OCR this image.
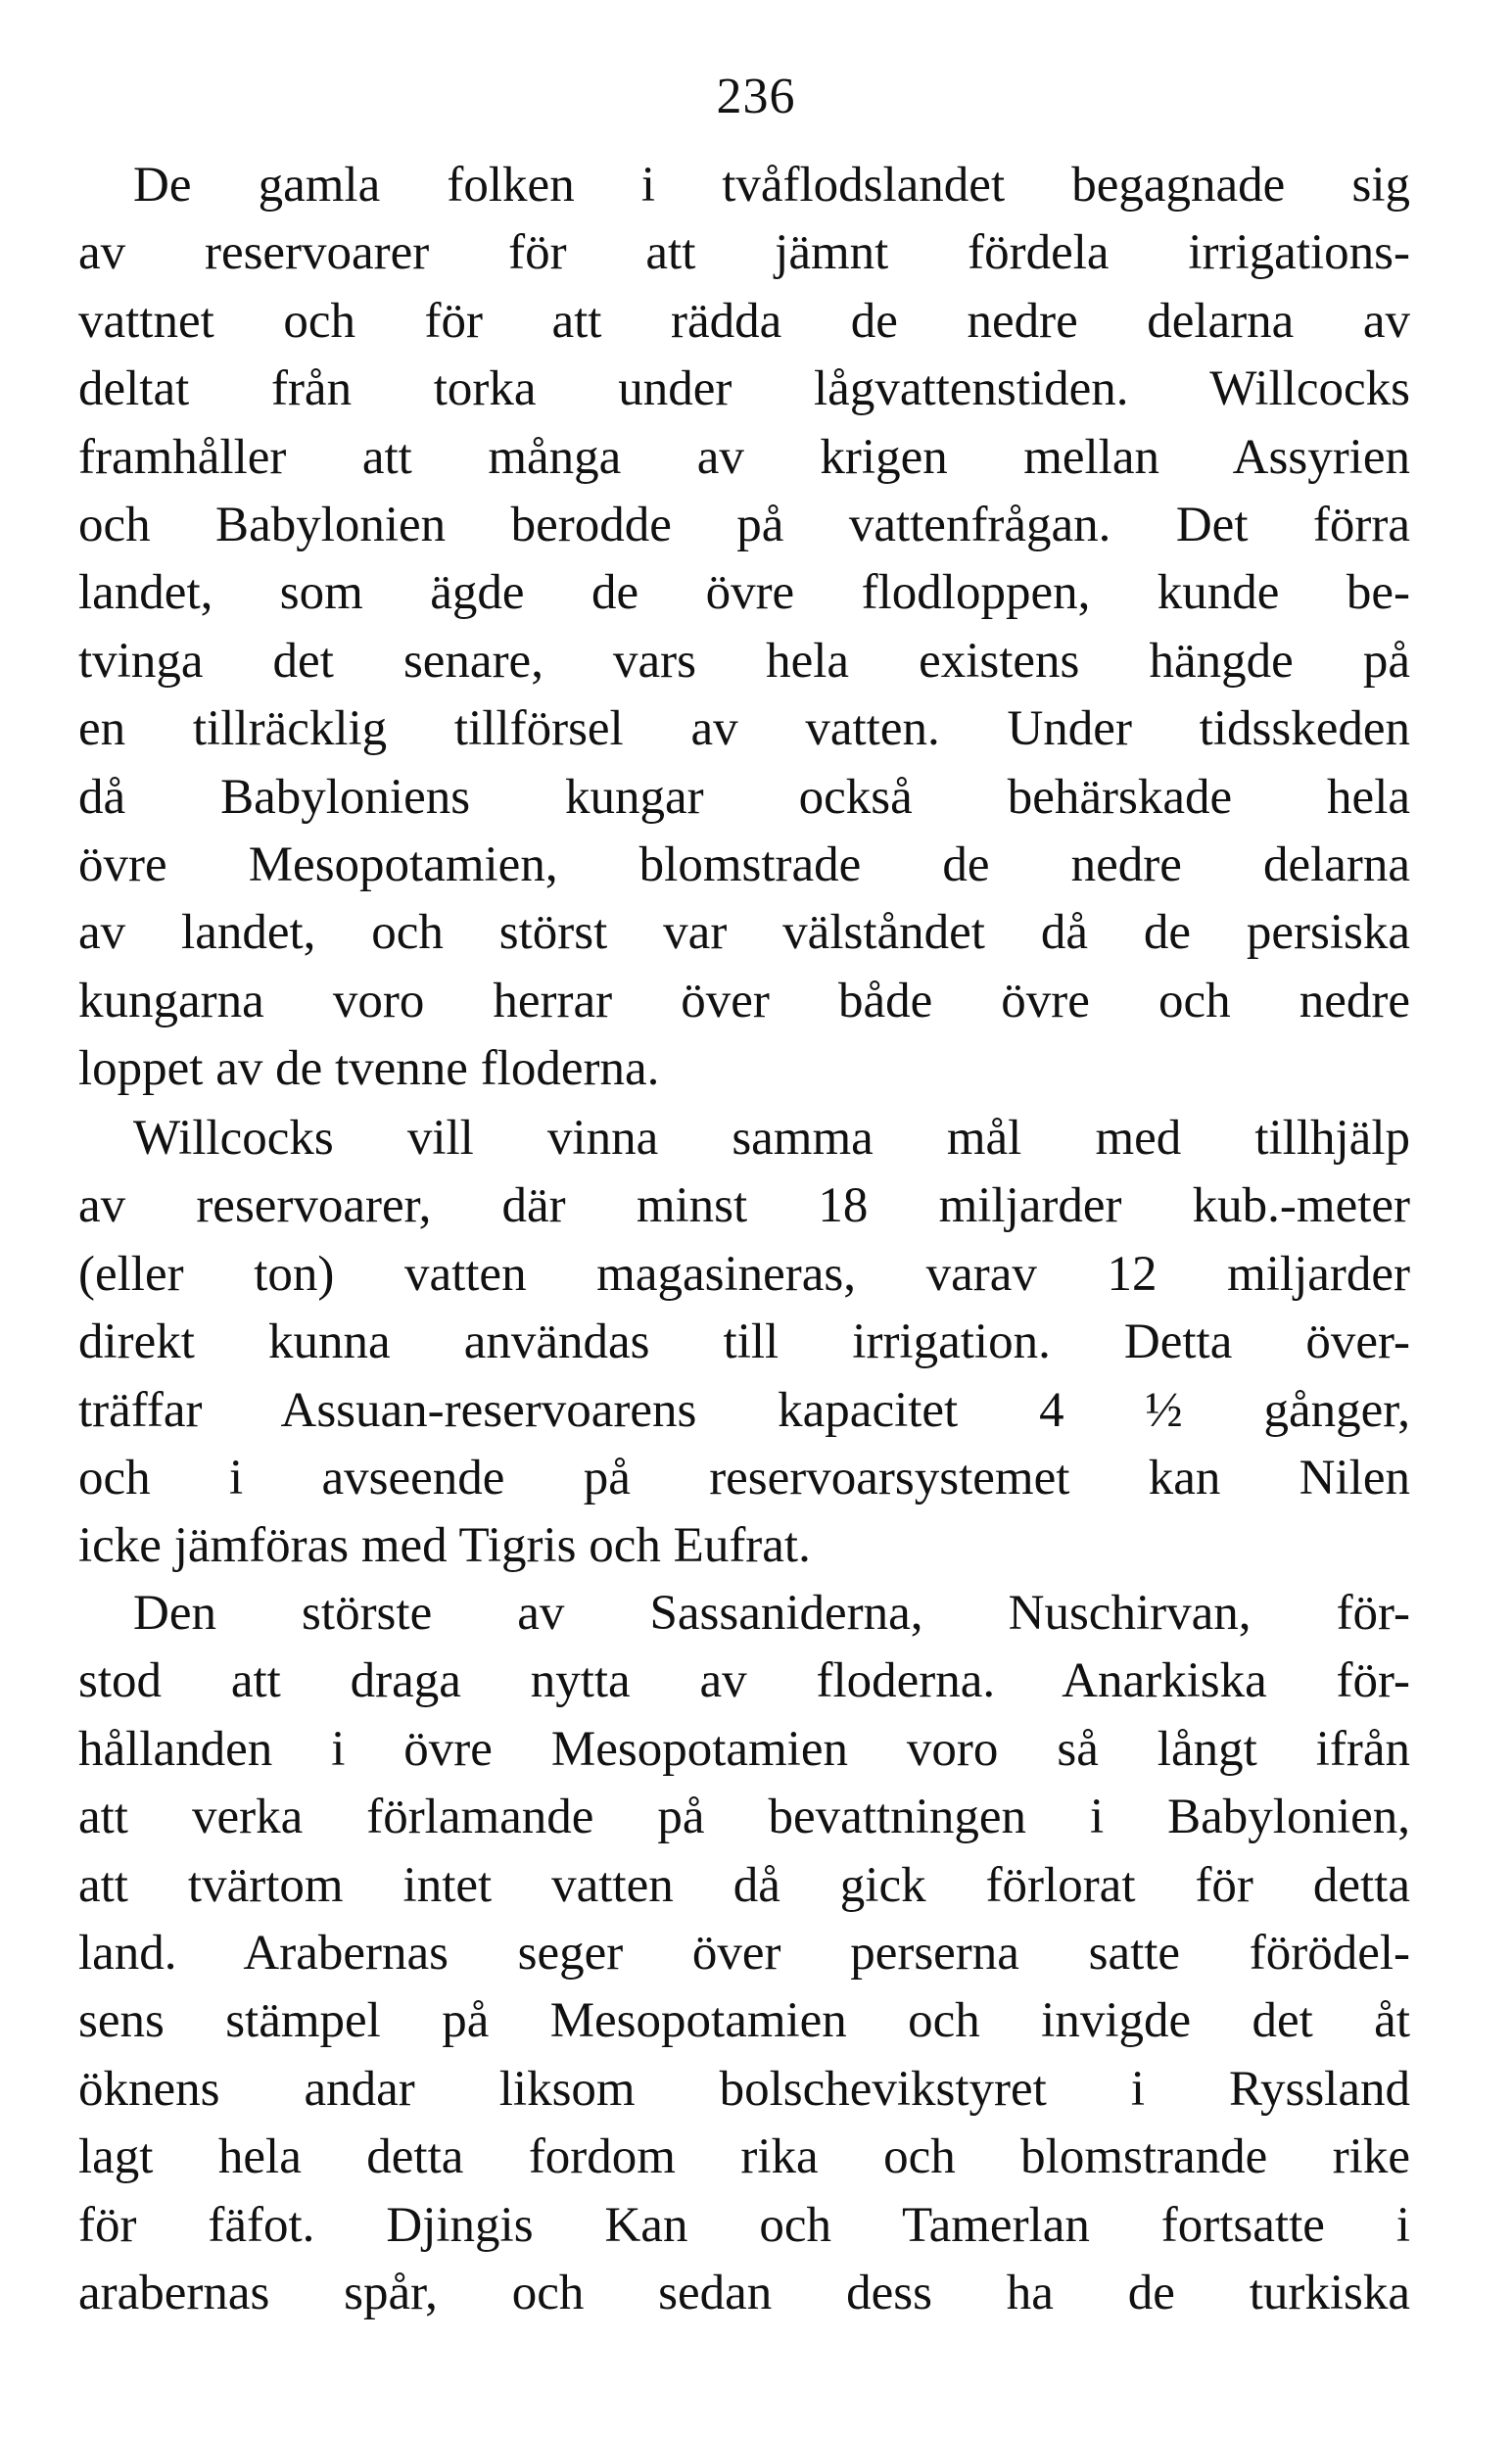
236
De gamla folken i tvåflodslandet begagnade sig
av reservoarer för att jämnt fördela irrigations-
vattnet och för att rädda de nedre delarna av
deltat från torka under lågvattenstiden. Willcocks
framhåller att många av krigen mellan Assyrien
och Babylonien berodde på vattenfrågan. Det förra
landet, som ägde de övre flodloppen, kunde be-
tvinga det senare, vars hela existens hängde på
en tillräcklig tillförsel av vatten. Under tidsskeden
då Babyloniens kungar också behärskade hela
övre Mesopotamien, blomstrade de nedre delarna
av landet, och störst var välståndet då de persiska
kungarna voro herrar över både övre och nedre
loppet av de tvenne floderna.
Willcocks vill vinna samma mål med tillhjälp
av reservoarer, där minst 18 miljarder kub.-meter
(eller ton) vatten magasineras, varav 12 miljarder
direkt kunna användas till irrigation. Detta över-
träffar Assuan-reservoarens kapacitet 4 ½ gånger,
och i avseende på reservoarsystemet kan Nilen
icke jämföras med Tigris och Eufrat.
Den störste av Sassaniderna, Nuschirvan, för-
stod att draga nytta av floderna. Anarkiska för-
hållanden i övre Mesopotamien voro så långt ifrån
att verka förlamande på bevattningen i Babylonien,
att tvärtom intet vatten då gick förlorat för detta
land. Arabernas seger över perserna satte förödel-
sens stämpel på Mesopotamien och invigde det åt
öknens andar liksom bolschevikstyret i Ryssland
lagt hela detta fordom rika och blomstrande rike
för fäfot. Djingis Kan och Tamerlan fortsatte i
arabernas spår, och sedan dess ha de turkiska
